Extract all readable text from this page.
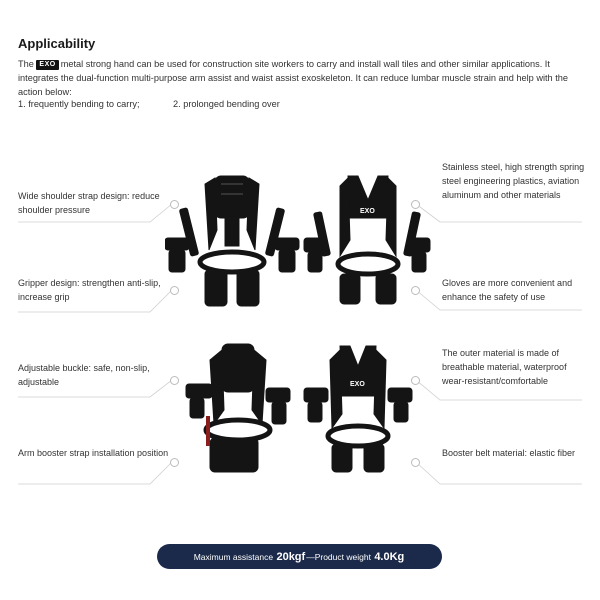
Applicability
The EXO metal strong hand can be used for construction site workers to carry and install wall tiles and other similar applications. It integrates the dual-function multi-purpose arm assist and waist assist exoskeleton. It can reduce lumbar muscle strain and help with the action below:
1. frequently bending to carry;	2. prolonged bending over
Wide shoulder strap design: reduce shoulder pressure
Gripper design: strengthen anti-slip, increase grip
Adjustable buckle: safe, non-slip, adjustable
Arm booster strap installation position
Stainless steel, high strength spring steel engineering plastics, aviation aluminum and other materials
Gloves are more convenient and enhance the safety of use
The outer material is made of breathable material, waterproof wear-resistant/comfortable
Booster belt material: elastic fiber
EXO
EXO
Maximum assistance
20kgf — Product weight
4.0Kg
